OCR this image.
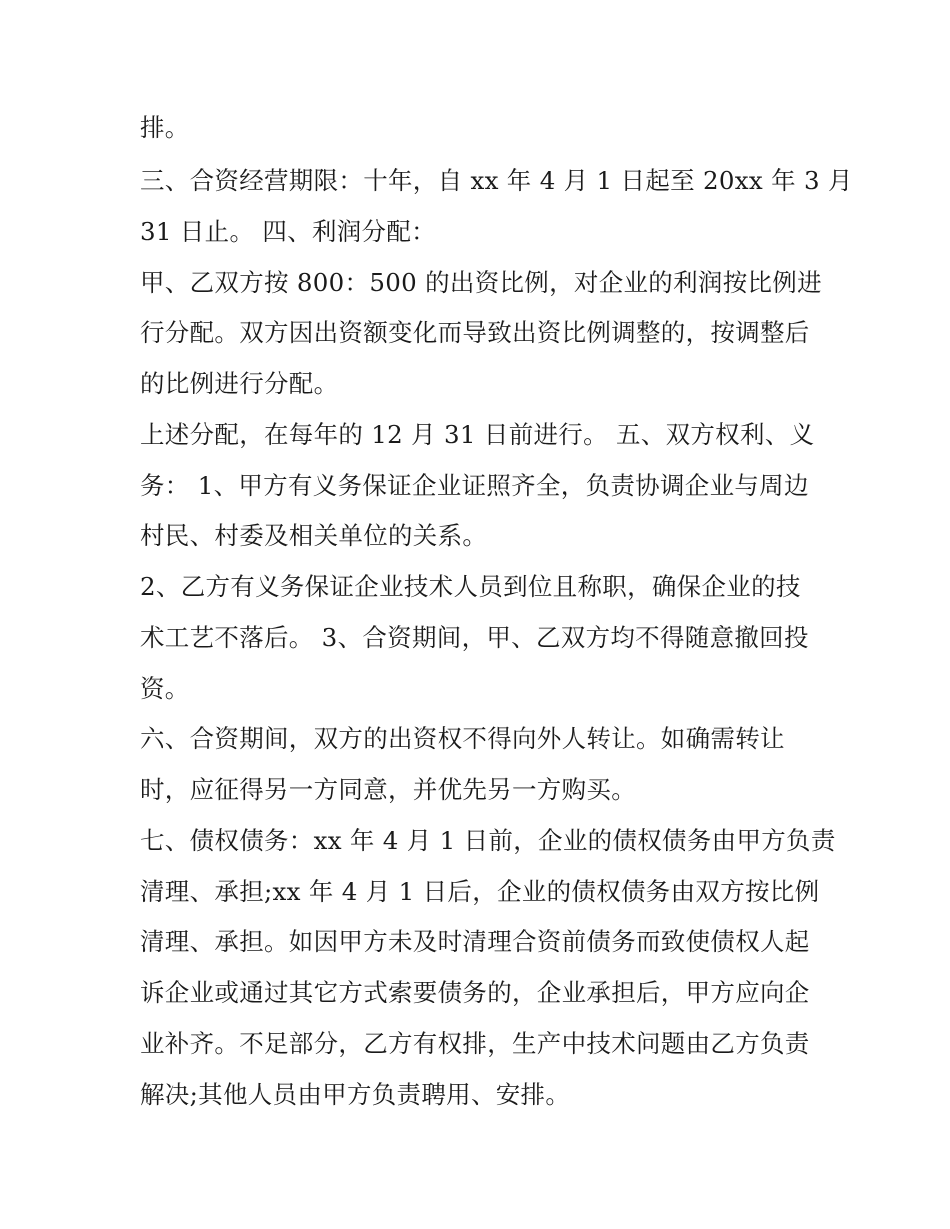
排。
三、合资经营期限：十年，自 xx 年 4 月 1 日起至 20xx 年 3 月
31 日止。 四、利润分配：
甲、乙双方按 800：500 的出资比例，对企业的利润按比例进
行分配。双方因出资额变化而导致出资比例调整的，按调整后
的比例进行分配。
上述分配，在每年的 12 月 31 日前进行。 五、双方权利、义
务： 1、甲方有义务保证企业证照齐全，负责协调企业与周边
村民、村委及相关单位的关系。
2、乙方有义务保证企业技术人员到位且称职，确保企业的技
术工艺不落后。 3、合资期间，甲、乙双方均不得随意撤回投
资。
六、合资期间，双方的出资权不得向外人转让。如确需转让
时，应征得另一方同意，并优先另一方购买。
七、债权债务：xx 年 4 月 1 日前，企业的债权债务由甲方负责
清理、承担;xx 年 4 月 1 日后，企业的债权债务由双方按比例
清理、承担。如因甲方未及时清理合资前债务而致使债权人起
诉企业或通过其它方式索要债务的，企业承担后，甲方应向企
业补齐。不足部分，乙方有权排，生产中技术问题由乙方负责
解决;其他人员由甲方负责聘用、安排。
